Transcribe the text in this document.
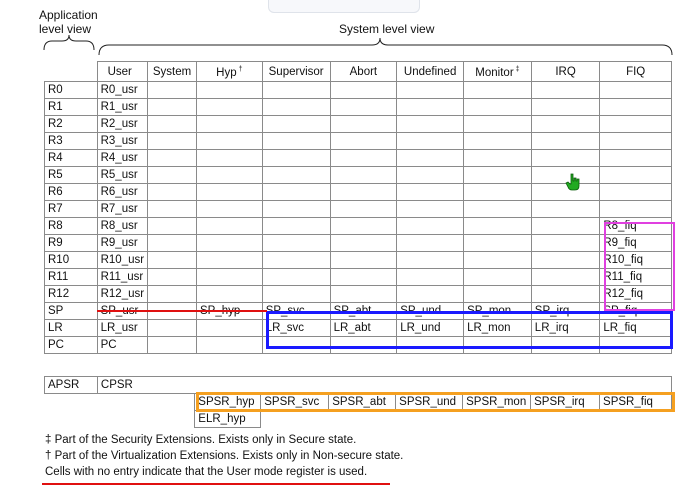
Application
level view	System level view
	User	System	Hyp †	Supervisor	Abort	Undefined	Monitor ‡	IRQ	FIQ
R0	R0_usr								
R1	R1_usr								
R2	R2_usr								
R3	R3_usr								
R4	R4_usr								
R5	R5_usr								
R6	R6_usr								
R7	R7_usr								
R8	R8_usr								R8_fiq
R9	R9_usr								R9_fiq
R10	R10_usr								R10_fiq
R11	R11_usr								R11_fiq
R12	R12_usr								R12_fiq
SP	SP_usr		SP_hyp	SP_svc	SP_abt	SP_und	SP_mon	SP_irq	SP_fiq
LR	LR_usr			LR_svc	LR_abt	LR_und	LR_mon	LR_irq	LR_fiq
PC	PC								
APSR	CPSR								
			SPSR_hyp	SPSR_svc	SPSR_abt	SPSR_und	SPSR_mon	SPSR_irq	SPSR_fiq
			ELR_hyp						
‡ Part of the Security Extensions. Exists only in Secure state.
† Part of the Virtualization Extensions. Exists only in Non-secure state.
Cells with no entry indicate that the User mode register is used.
